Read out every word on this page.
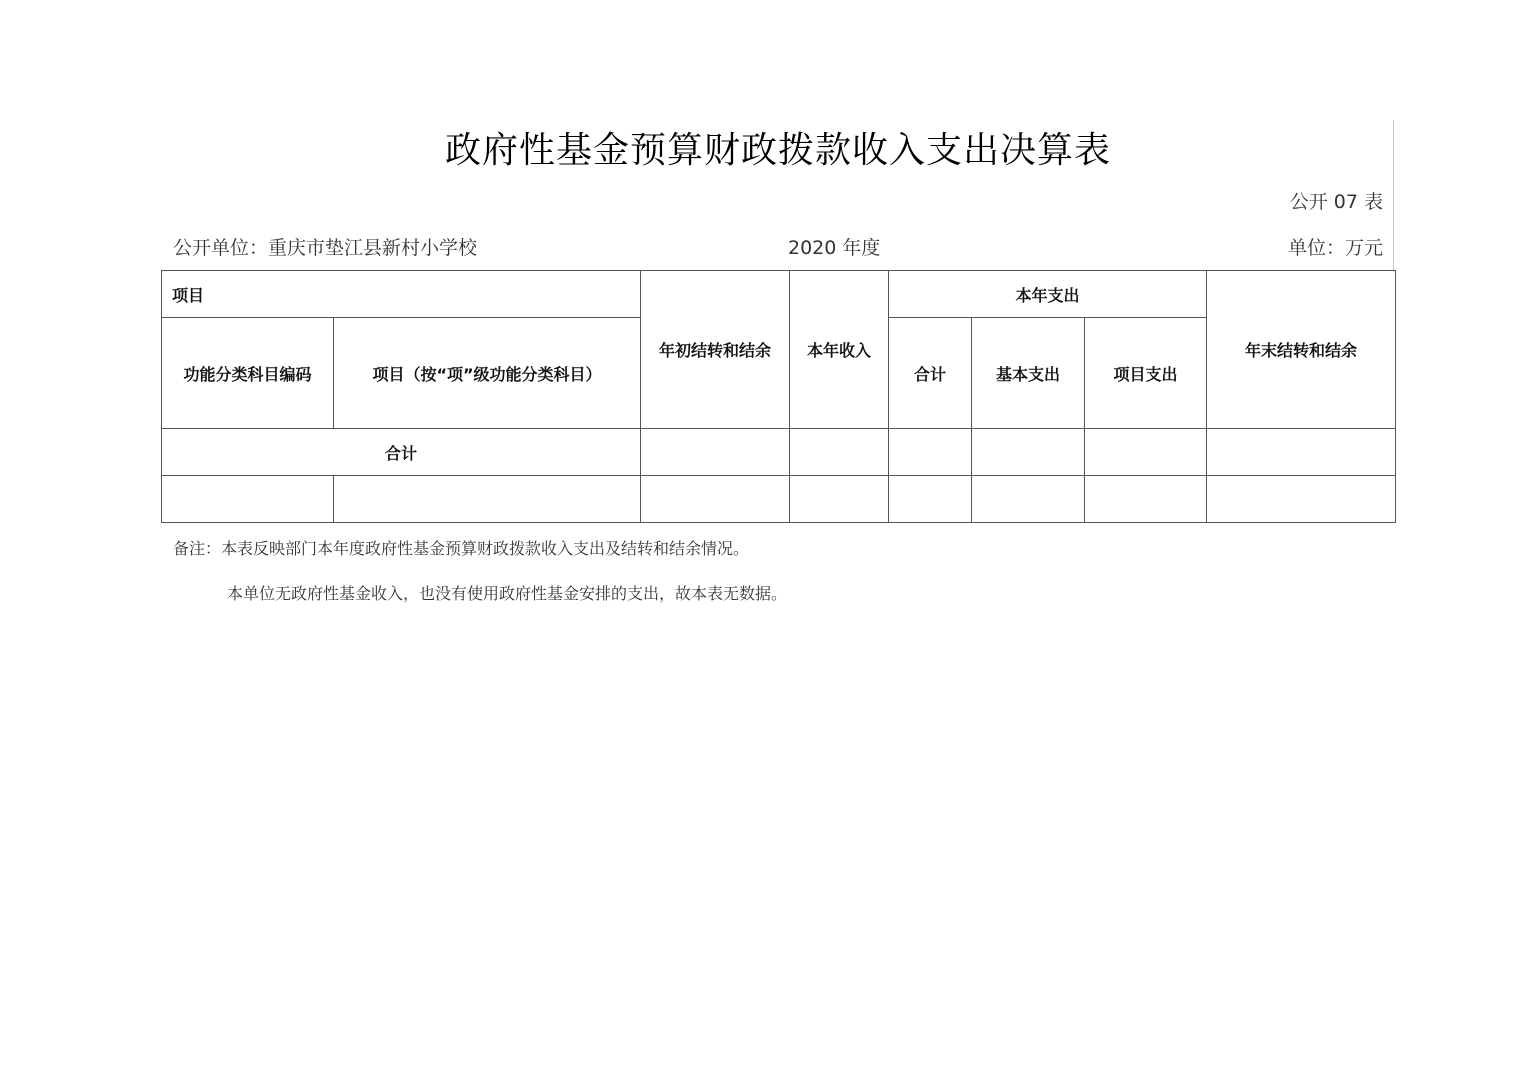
政府性基金预算财政拨款收入支出决算表
公开 07 表
公开单位：重庆市垫江县新村小学校	2020 年度	单位：万元
项目		年初结转和结余	本年收入	本年支出			年末结转和结余
功能分类科目编码	项目（按“项”级功能分类科目）			合计	基本支出	项目支出	
合计							

备注：本表反映部门本年度政府性基金预算财政拨款收入支出及结转和结余情况。
本单位无政府性基金收入，也没有使用政府性基金安排的支出，故本表无数据。
